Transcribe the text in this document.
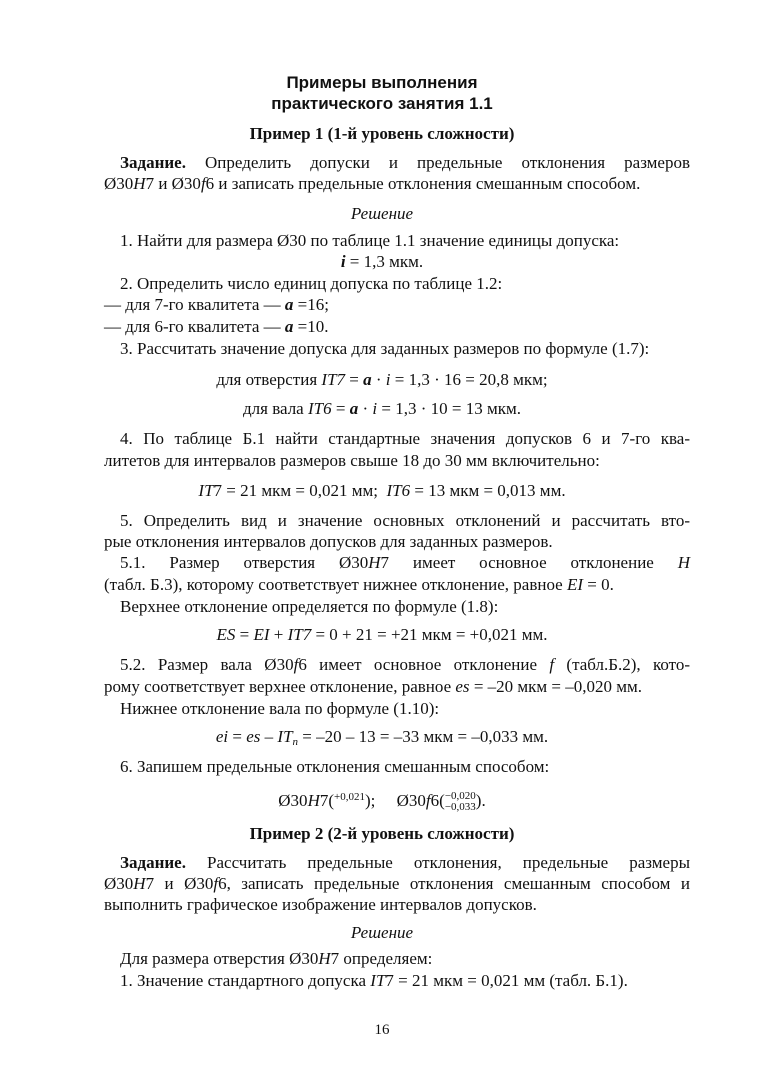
Примеры выполнения
практического занятия 1.1
Пример 1 (1-й уровень сложности)
Задание. Определить допуски и предельные отклонения размеров
Ø30H7 и Ø30f6 и записать предельные отклонения смешанным способом.
Решение
1. Найти для размера Ø30 по таблице 1.1 значение единицы допуска:
i = 1,3 мкм.
2. Определить число единиц допуска по таблице 1.2:
— для 7-го квалитета — a =16;
— для 6-го квалитета — a =10.
3. Рассчитать значение допуска для заданных размеров по формуле (1.7):
для отверстия IT7 = a · i = 1,3 · 16 = 20,8 мкм;
для вала IT6 = a · i = 1,3 · 10 = 13 мкм.
4. По таблице Б.1 найти стандартные значения допусков 6 и 7-го ква-
литетов для интервалов размеров свыше 18 до 30 мм включительно:
IT7 = 21 мкм = 0,021 мм; IT6 = 13 мкм = 0,013 мм.
5. Определить вид и значение основных отклонений и рассчитать вто-
рые отклонения интервалов допусков для заданных размеров.
5.1. Размер отверстия Ø30H7 имеет основное отклонение H
(табл. Б.3), которому соответствует нижнее отклонение, равное EI = 0.
Верхнее отклонение определяется по формуле (1.8):
ES = EI + IT7 = 0 + 21 = +21 мкм = +0,021 мм.
5.2. Размер вала Ø30f6 имеет основное отклонение f (табл.Б.2), кото-
рому соответствует верхнее отклонение, равное es = –20 мкм = –0,020 мм.
Нижнее отклонение вала по формуле (1.10):
ei = es – $IT_n = -20 - 13 = -33$ мкм = –0,033 мм.
6. Запишем предельные отклонения смешанным способом:
Ø30H7($^{+0,021}$); Ø30f6( −0,020
−0,033 ).
Пример 2 (2-й уровень сложности)
Задание. Рассчитать предельные отклонения, предельные размеры
Ø30H7 и Ø30f6, записать предельные отклонения смешанным способом и
выполнить графическое изображение интервалов допусков.
Решение
Для размера отверстия Ø30H7 определяем:
1. Значение стандартного допуска IT7 = 21 мкм = 0,021 мм (табл. Б.1).
16
